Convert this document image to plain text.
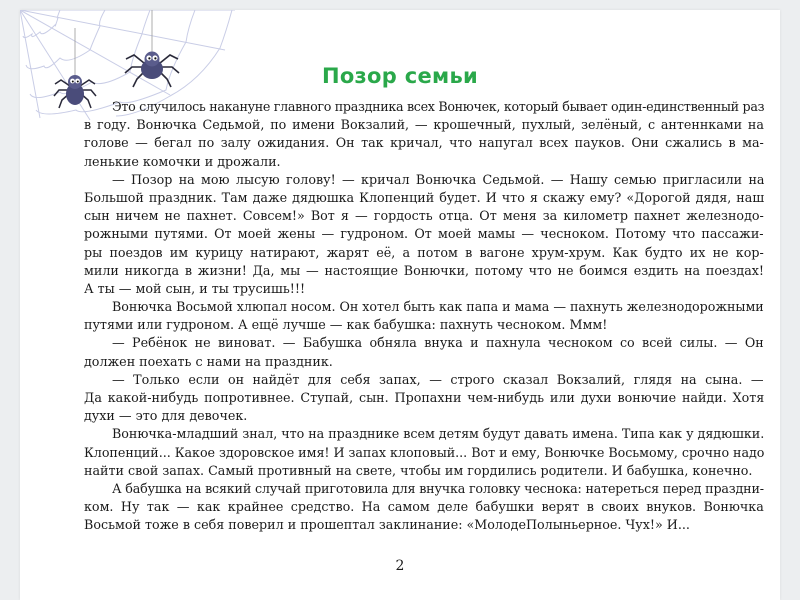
Позор семьи
Это случилось накануне главного праздника всех Вонючек, который бывает один-единственный раз
в году. Вонючка Седьмой, по имени Вокзалий, — крошечный, пухлый, зелёный, с антеннками на
голове — бегал по залу ожидания. Он так кричал, что напугал всех пауков. Они сжались в ма-
ленькие комочки и дрожали.
— Позор на мою лысую голову! — кричал Вонючка Седьмой. — Нашу семью пригласили на
Большой праздник. Там даже дядюшка Клопенций будет. И что я скажу ему? «Дорогой дядя, наш
сын ничем не пахнет. Совсем!» Вот я — гордость отца. От меня за километр пахнет железнодо-
рожными путями. От моей жены — гудроном. От моей мамы — чесноком. Потому что пассажи-
ры поездов им курицу натирают, жарят её, а потом в вагоне хрум-хрум. Как будто их не кор-
мили никогда в жизни! Да, мы — настоящие Вонючки, потому что не боимся ездить на поездах!
А ты — мой сын, и ты трусишь!!!
Вонючка Восьмой хлюпал носом. Он хотел быть как папа и мама — пахнуть железнодорожными
путями или гудроном. А ещё лучше — как бабушка: пахнуть чесноком. Ммм!
— Ребёнок не виноват. — Бабушка обняла внука и пахнула чесноком со всей силы. — Он
должен поехать с нами на праздник.
— Только если он найдёт для себя запах, — строго сказал Вокзалий, глядя на сына. —
Да какой-нибудь попротивнее. Ступай, сын. Пропахни чем-нибудь или духи вонючие найди. Хотя
духи — это для девочек.
Вонючка-младший знал, что на празднике всем детям будут давать имена. Типа как у дядюшки.
Клопенций... Какое здоровское имя! И запах клоповый... Вот и ему, Вонючке Восьмому, срочно надо
найти свой запах. Самый противный на свете, чтобы им гордились родители. И бабушка, конечно.
А бабушка на всякий случай приготовила для внучка головку чеснока: натереться перед праздни-
ком. Ну так — как крайнее средство. На самом деле бабушки верят в своих внуков. Вонючка
Восьмой тоже в себя поверил и прошептал заклинание: «МолодеПолыньерное. Чух!» И...
2
